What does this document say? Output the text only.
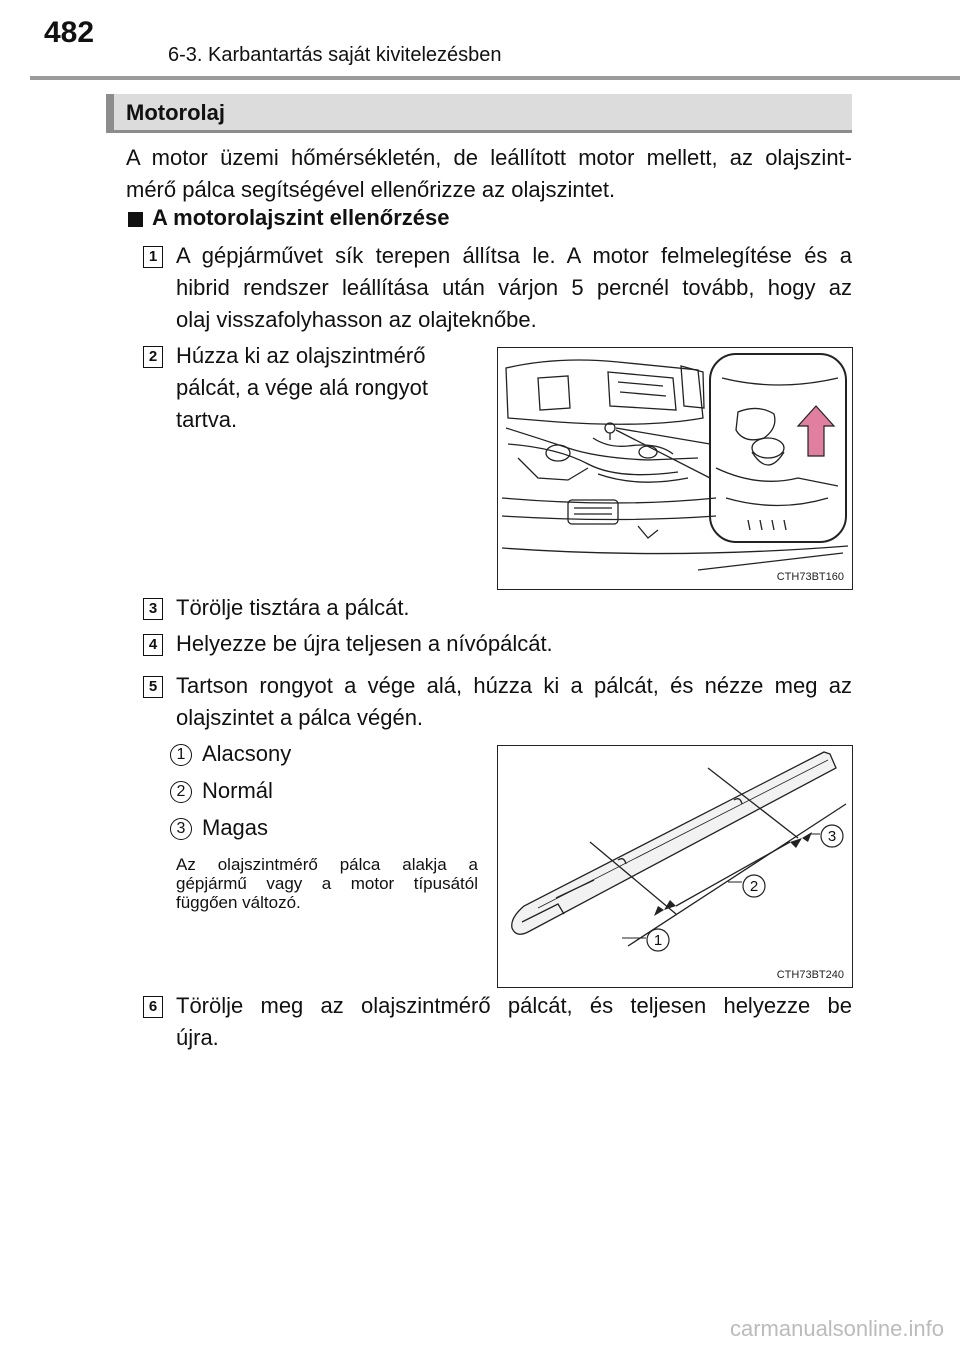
482
6-3. Karbantartás saját kivitelezésben
Motorolaj
A motor üzemi hőmérsékletén, de leállított motor mellett, az olajszint-
mérő pálca segítségével ellenőrizze az olajszintet.
A motorolajszint ellenőrzése
1 A gépjárművet sík terepen állítsa le. A motor felmelegítése és a
hibrid rendszer leállítása után várjon 5 percnél tovább, hogy az
olaj visszafolyhasson az olajteknőbe.
2 Húzza ki az olajszintmérő
pálcát, a vége alá rongyot
tartva.
CTH73BT160
3 Törölje tisztára a pálcát.
4 Helyezze be újra teljesen a nívópálcát.
5 Tartson rongyot a vége alá, húzza ki a pálcát, és nézze meg az
olajszintet a pálca végén.
1 Alacsony
2 Normál
3 Magas
Az olajszintmérő pálca alakja a
gépjármű vagy a motor típusától
függően változó.
1
2
3
CTH73BT240
6 Törölje meg az olajszintmérő pálcát, és teljesen helyezze be
újra.
carmanualsonline.info
